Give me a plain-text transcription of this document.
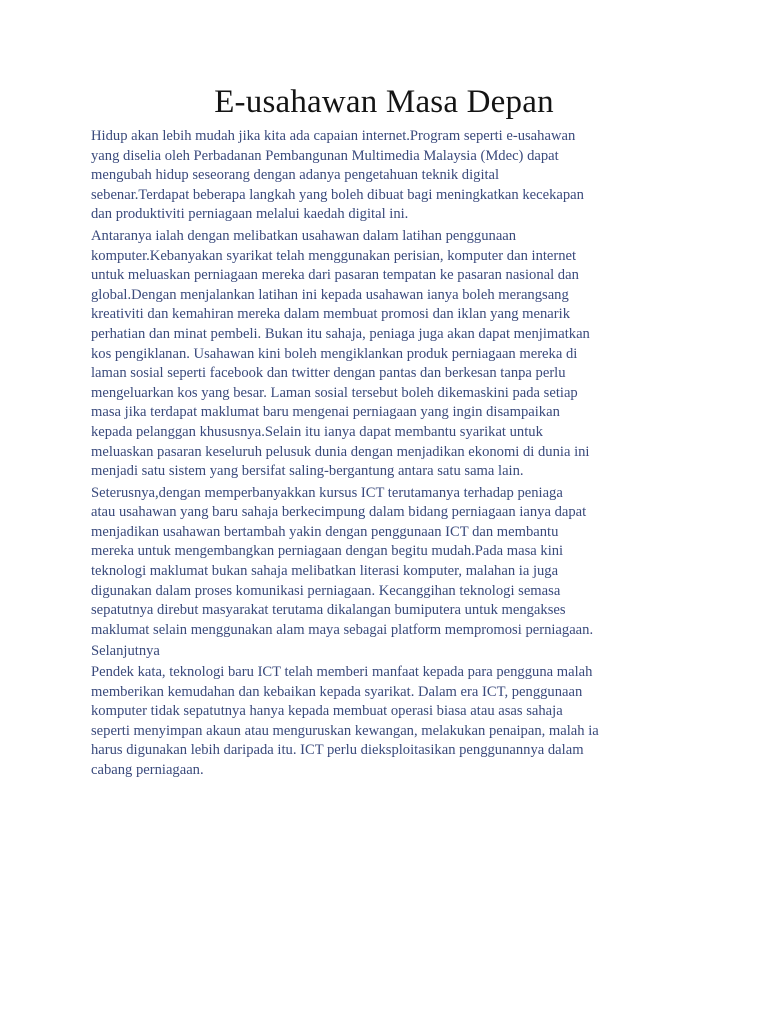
E-usahawan Masa Depan

Hidup akan lebih mudah jika kita ada capaian internet.Program seperti e-usahawan
yang diselia oleh Perbadanan Pembangunan Multimedia Malaysia (Mdec) dapat
mengubah hidup seseorang dengan adanya pengetahuan teknik digital
sebenar.Terdapat beberapa langkah yang boleh dibuat bagi meningkatkan kecekapan
dan produktiviti perniagaan melalui kaedah digital ini.

Antaranya ialah dengan melibatkan usahawan dalam latihan penggunaan
komputer.Kebanyakan syarikat telah menggunakan perisian, komputer dan internet
untuk meluaskan perniagaan mereka dari pasaran tempatan ke pasaran nasional dan
global.Dengan menjalankan latihan ini kepada usahawan ianya boleh merangsang
kreativiti dan kemahiran mereka dalam membuat promosi dan iklan yang menarik
perhatian dan minat pembeli. Bukan itu sahaja, peniaga juga akan dapat menjimatkan
kos pengiklanan. Usahawan kini boleh mengiklankan produk perniagaan mereka di
laman sosial seperti facebook dan twitter dengan pantas dan berkesan tanpa perlu
mengeluarkan kos yang besar. Laman sosial tersebut boleh dikemaskini pada setiap
masa jika terdapat maklumat baru mengenai perniagaan yang ingin disampaikan
kepada pelanggan khususnya.Selain itu ianya dapat membantu syarikat untuk
meluaskan pasaran keseluruh pelusuk dunia dengan menjadikan ekonomi di dunia ini
menjadi satu sistem yang bersifat saling-bergantung antara satu sama lain.

Seterusnya,dengan memperbanyakkan kursus ICT terutamanya terhadap peniaga
atau usahawan yang baru sahaja berkecimpung dalam bidang perniagaan ianya dapat
menjadikan usahawan bertambah yakin dengan penggunaan ICT dan membantu
mereka untuk mengembangkan perniagaan dengan begitu mudah.Pada masa kini
teknologi maklumat bukan sahaja melibatkan literasi komputer, malahan ia juga
digunakan dalam proses komunikasi perniagaan. Kecanggihan teknologi semasa
sepatutnya direbut masyarakat terutama dikalangan bumiputera untuk mengakses
maklumat selain menggunakan alam maya sebagai platform mempromosi perniagaan.

Selanjutnya

Pendek kata, teknologi baru ICT telah memberi manfaat kepada para pengguna malah
memberikan kemudahan dan kebaikan kepada syarikat. Dalam era ICT, penggunaan
komputer tidak sepatutnya hanya kepada membuat operasi biasa atau asas sahaja
seperti menyimpan akaun atau menguruskan kewangan, melakukan penaipan, malah ia
harus digunakan lebih daripada itu. ICT perlu dieksploitasikan penggunannya dalam
cabang perniagaan.
